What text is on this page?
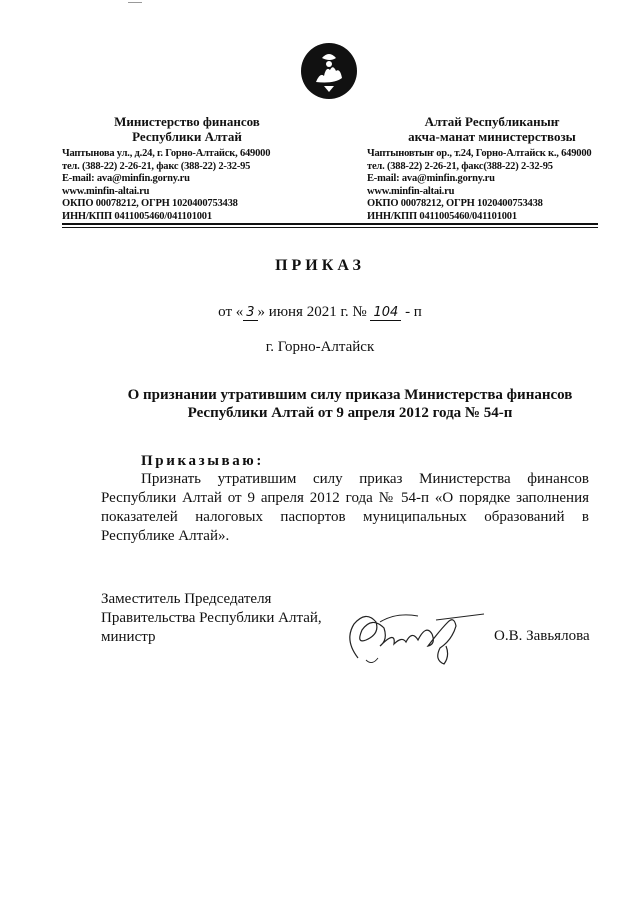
Министерство финансов
Республики Алтай
Чаптынова ул., д.24, г. Горно-Алтайск, 649000
тел. (388-22) 2-26-21, факс (388-22) 2-32-95
E-mail: ava@minfin.gorny.ru
www.minfin-altai.ru
ОКПО 00078212, ОГРН 1020400753438
ИНН/КПП 0411005460/041101001
Алтай Республиканыҥ
акча-манат министерствозы
Чаптыновтыҥ ор., т.24, Горно-Алтайск к., 649000
тел. (388-22) 2-26-21, факс(388-22) 2-32-95
E-mail: ava@minfin.gorny.ru
www.minfin-altai.ru
ОКПО 00078212, ОГРН 1020400753438
ИНН/КПП 0411005460/041101001
ПРИКАЗ
от « 3 » июня 2021 г. № 104 - п
г. Горно-Алтайск
О признании утратившим силу приказа Министерства финансов
Республики Алтай от 9 апреля 2012 года № 54-п
Приказываю:
Признать утратившим силу приказ Министерства финансов Республики Алтай от 9 апреля 2012 года № 54-п «О порядке заполнения показателей налоговых паспортов муниципальных образований в Республике Алтай».
Заместитель Председателя
Правительства Республики Алтай,
министр	О.В. Завьялова
